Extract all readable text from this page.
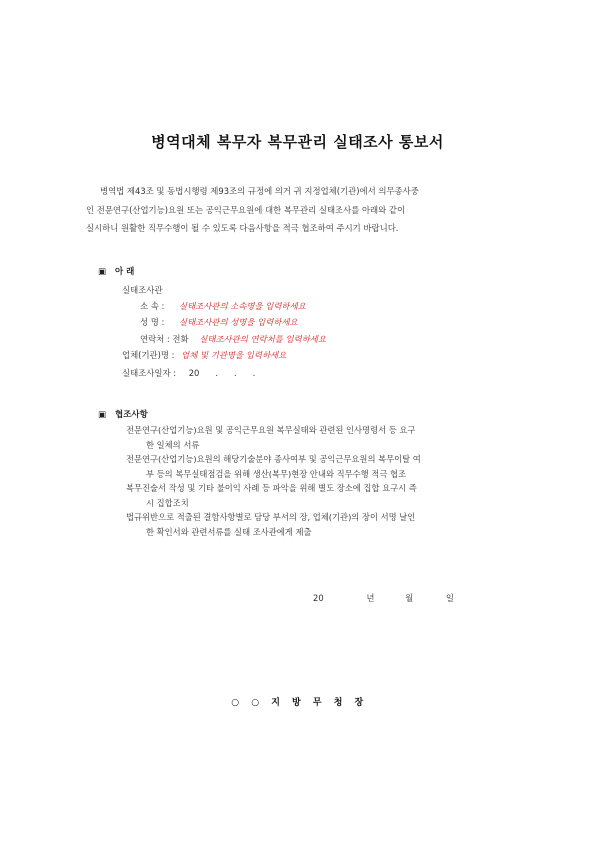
병역대체 복무자 복무관리 실태조사 통보서
병역법 제43조 및 동법시행령 제93조의 규정에 의거 귀 지정업체(기관)에서 의무종사중
인 전문연구(산업기능)요원 또는 공익근무요원에 대한 복무관리 실태조사를 아래와 같이
실시하니 원활한 직무수행이 될 수 있도록 다음사항을 적극 협조하여 주시기 바랍니다.
▣ 아 래
실태조사관
소 속 : 실태조사관의 소속명을 입력하세요
성 명 : 실태조사관의 성명을 입력하세요
연락처 : 전화 실태조사관의 연락처를 입력하세요
업체(기관)명 : 업체 및 기관명을 입력하세요
실태조사일자 : 20      .      .      .
▣ 협조사항
전문연구(산업기능)요원 및 공익근무요원 복무실태와 관련된 인사명령서 등 요구
한 일체의 서류
전문연구(산업기능)요원의 해당기술분야 종사여부 및 공익근무요원의 복무이탈 여
부 등의 복무실태점검을 위해 생산(복무)현장 안내와 직무수행 적극 협조
복무진술서 작성 및 기타 불이익 사례 등 파악을 위해 별도 장소에 집합 요구시 즉
시 집합조치
법규위반으로 적출된 결함사항별로 담당 부서의 장, 업체(기관)의 장이 서명 날인
한 확인서와 관련서류를 실태 조사관에게 제출
20	년	월	일
○ ○ 지 방 무 청 장
